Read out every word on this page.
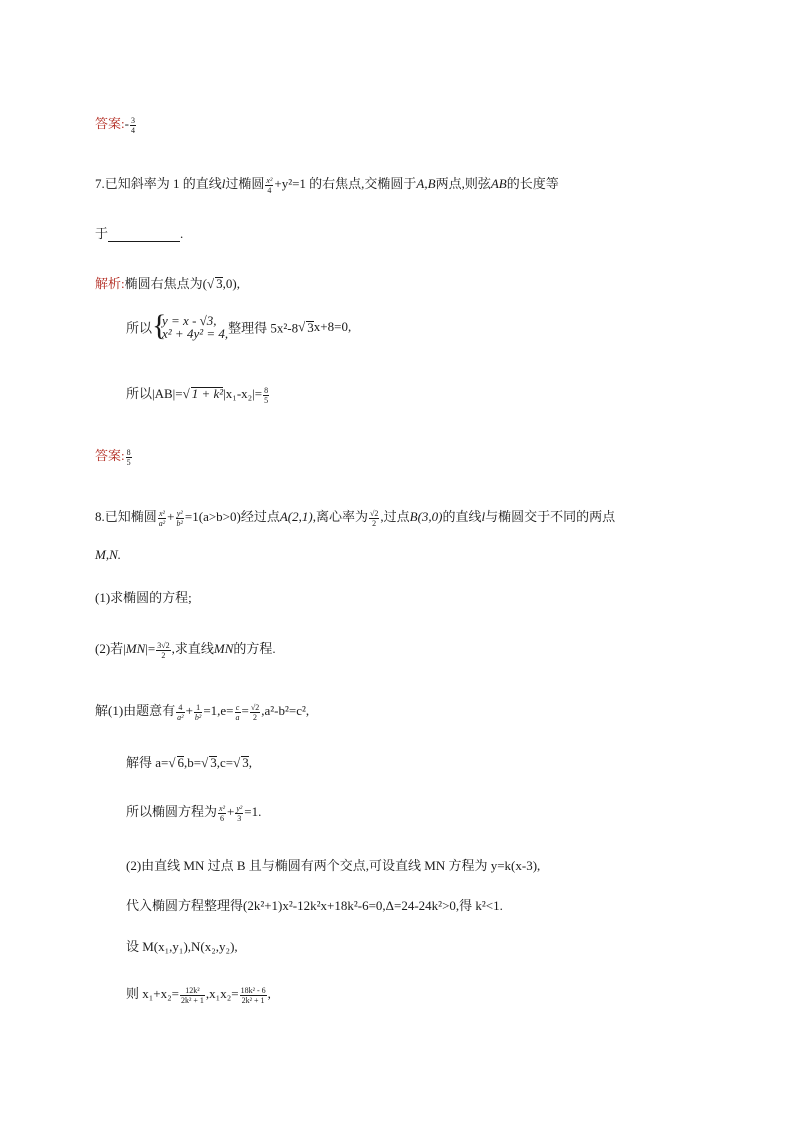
答案:- $\frac{3}{4}$
7.已知斜率为 1 的直线l过椭圆 $\frac{\text{x²}}{4} +y^2=1$ 的右焦点,交椭圆于A,B两点,则弦AB的长度等
于	.
解析:椭圆右焦点为(√ 3,0),
所以
{ y = x - √3,
x² + 4y² = 4, 整理得 5x²-8√ 3x+8=0,
所以|AB|=√ $1 + k^2|x_1-x_2|= \frac{8}{5}$
答案: $\frac{8}{5}$
8.已知椭圆 $\frac{\text{x²}}{\text{a²}} + \frac{\text{y²}}{\text{b²}} =1(a>b>0)$经过点A(2,1),离心率为 $\frac{√2}{2}$ ,过点B(3,0)的直线l与椭圆交于不同的两点
M,N.
(1)求椭圆的方程;
(2)若$|MN|= \frac{3√2}{2}$ ,求直线MN的方程.
解(1)由题意有 $\frac{4}{\text{a²}} + \frac{1}{\text{b²}} =1,e= \frac{c}{a} = \frac{√2}{2} ,a^2-b^2=c^2$,
解得 a=√ 6,b=√ 3,c=√ 3,
所以椭圆方程为 $\frac{\text{x²}}{6} + \frac{\text{y²}}{3} =1$.
(2)由直线 MN 过点 B 且与椭圆有两个交点,可设直线 MN 方程为 y=k(x-3),
代入椭圆方程整理得(2k²+1)x²-12k²x+18k²-6=0,Δ=24-24k²>0,得 k²<1.
设 M(x₁,y₁),N(x₂,y₂),
则 $x_1+x_2= \frac{\text{12k²}}{\text{2k² + 1}} ,x_1x_2= \frac{\text{18k² - 6}}{\text{2k² + 1}}$ ,
